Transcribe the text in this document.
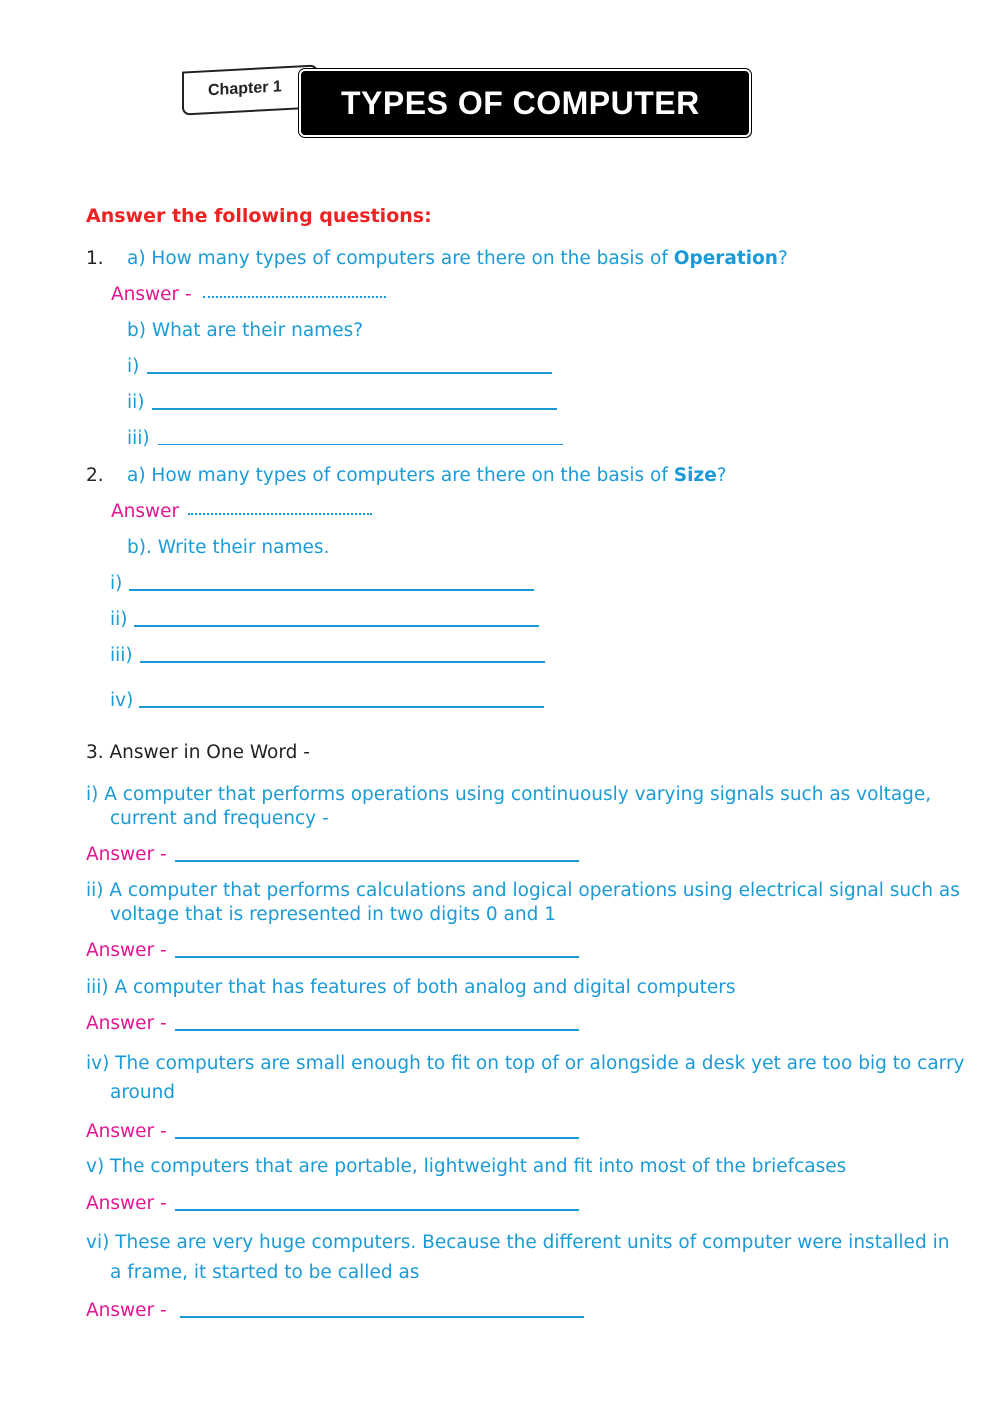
Chapter 1 TYPES OF COMPUTER
Answer the following questions:
1. a) How many types of computers are there on the basis of Operation?
Answer -
b) What are their names?
i)
ii)
iii)
2. a) How many types of computers are there on the basis of Size?
Answer
b). Write their names.
i)
ii)
iii)
iv)
3. Answer in One Word -
i) A computer that performs operations using continuously varying signals such as voltage,
current and frequency -
Answer -
ii) A computer that performs calculations and logical operations using electrical signal such as
voltage that is represented in two digits 0 and 1
Answer -
iii) A computer that has features of both analog and digital computers
Answer -
iv) The computers are small enough to fit on top of or alongside a desk yet are too big to carry
around
Answer -
v) The computers that are portable, lightweight and fit into most of the briefcases
Answer -
vi) These are very huge computers. Because the different units of computer were installed in
a frame, it started to be called as
Answer -
